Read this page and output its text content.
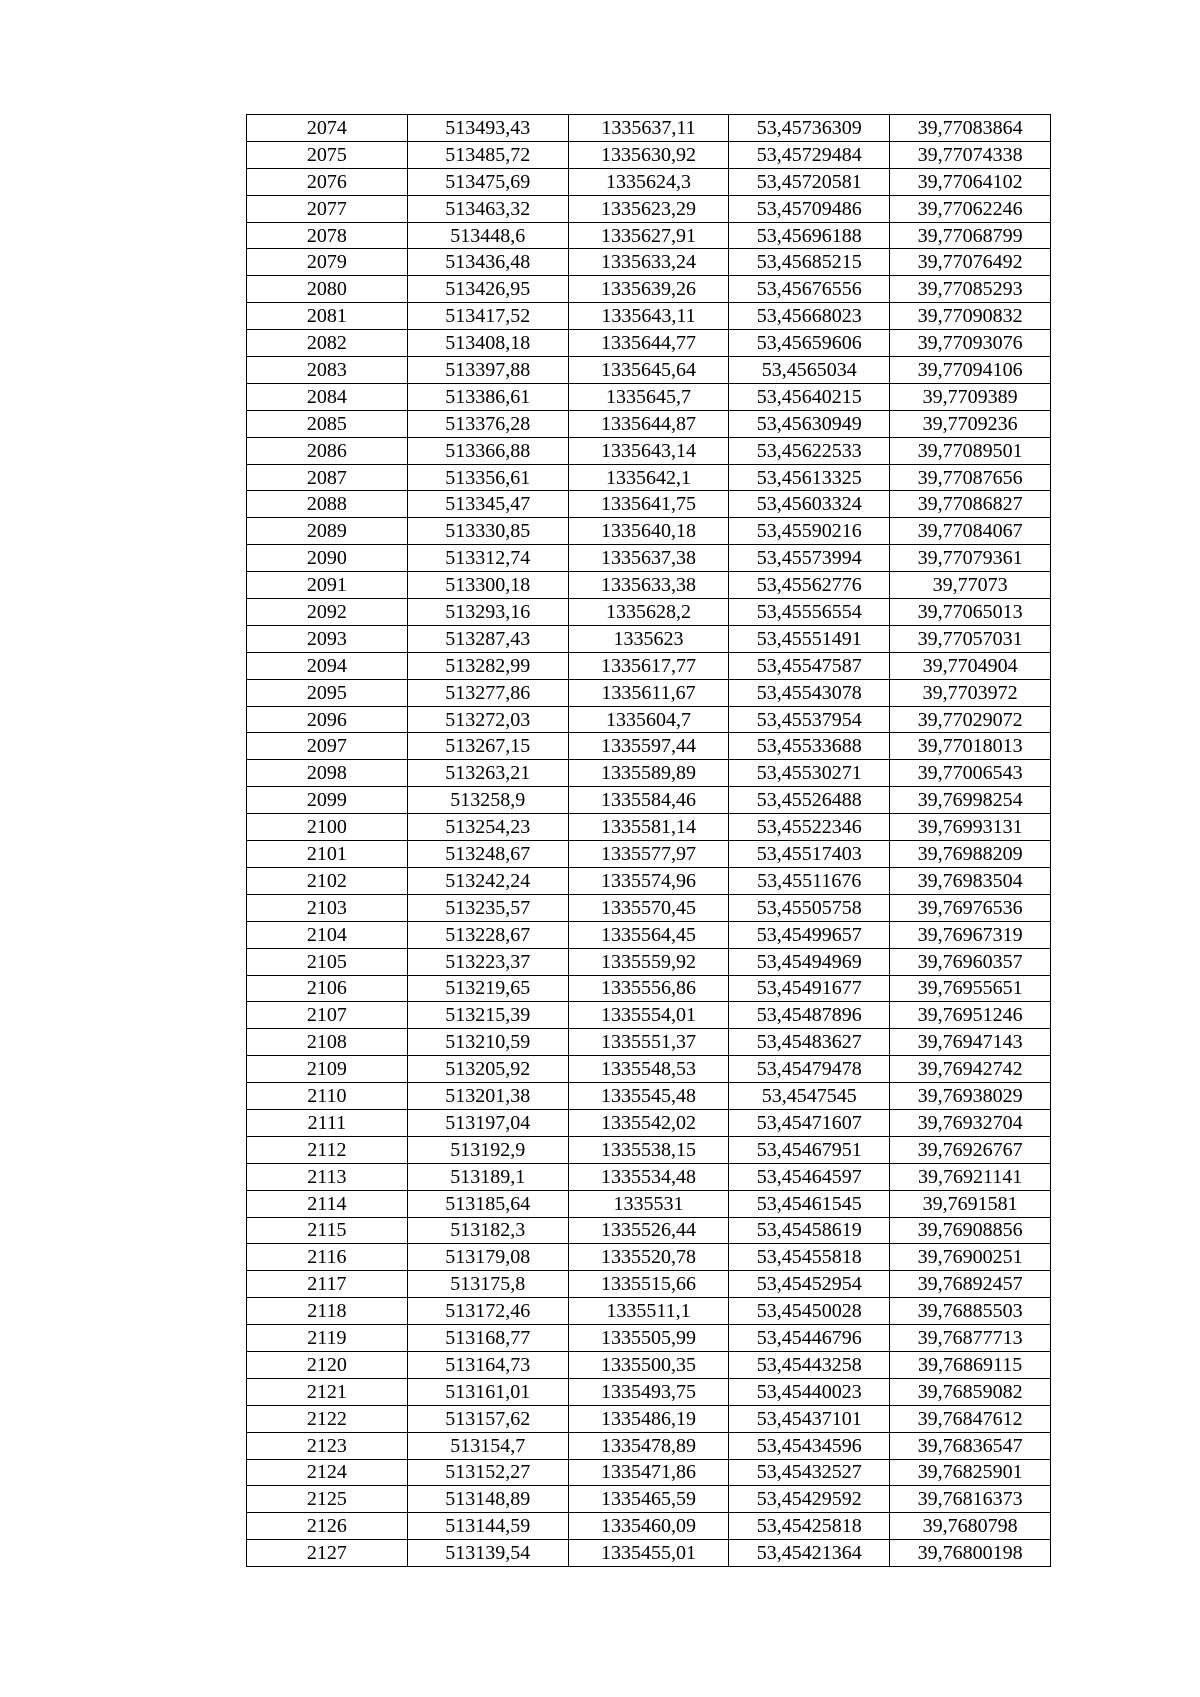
2074	513493,43	1335637,11	53,45736309	39,77083864
2075	513485,72	1335630,92	53,45729484	39,77074338
2076	513475,69	1335624,3	53,45720581	39,77064102
2077	513463,32	1335623,29	53,45709486	39,77062246
2078	513448,6	1335627,91	53,45696188	39,77068799
2079	513436,48	1335633,24	53,45685215	39,77076492
2080	513426,95	1335639,26	53,45676556	39,77085293
2081	513417,52	1335643,11	53,45668023	39,77090832
2082	513408,18	1335644,77	53,45659606	39,77093076
2083	513397,88	1335645,64	53,4565034	39,77094106
2084	513386,61	1335645,7	53,45640215	39,7709389
2085	513376,28	1335644,87	53,45630949	39,7709236
2086	513366,88	1335643,14	53,45622533	39,77089501
2087	513356,61	1335642,1	53,45613325	39,77087656
2088	513345,47	1335641,75	53,45603324	39,77086827
2089	513330,85	1335640,18	53,45590216	39,77084067
2090	513312,74	1335637,38	53,45573994	39,77079361
2091	513300,18	1335633,38	53,45562776	39,77073
2092	513293,16	1335628,2	53,45556554	39,77065013
2093	513287,43	1335623	53,45551491	39,77057031
2094	513282,99	1335617,77	53,45547587	39,7704904
2095	513277,86	1335611,67	53,45543078	39,7703972
2096	513272,03	1335604,7	53,45537954	39,77029072
2097	513267,15	1335597,44	53,45533688	39,77018013
2098	513263,21	1335589,89	53,45530271	39,77006543
2099	513258,9	1335584,46	53,45526488	39,76998254
2100	513254,23	1335581,14	53,45522346	39,76993131
2101	513248,67	1335577,97	53,45517403	39,76988209
2102	513242,24	1335574,96	53,45511676	39,76983504
2103	513235,57	1335570,45	53,45505758	39,76976536
2104	513228,67	1335564,45	53,45499657	39,76967319
2105	513223,37	1335559,92	53,45494969	39,76960357
2106	513219,65	1335556,86	53,45491677	39,76955651
2107	513215,39	1335554,01	53,45487896	39,76951246
2108	513210,59	1335551,37	53,45483627	39,76947143
2109	513205,92	1335548,53	53,45479478	39,76942742
2110	513201,38	1335545,48	53,4547545	39,76938029
2111	513197,04	1335542,02	53,45471607	39,76932704
2112	513192,9	1335538,15	53,45467951	39,76926767
2113	513189,1	1335534,48	53,45464597	39,76921141
2114	513185,64	1335531	53,45461545	39,7691581
2115	513182,3	1335526,44	53,45458619	39,76908856
2116	513179,08	1335520,78	53,45455818	39,76900251
2117	513175,8	1335515,66	53,45452954	39,76892457
2118	513172,46	1335511,1	53,45450028	39,76885503
2119	513168,77	1335505,99	53,45446796	39,76877713
2120	513164,73	1335500,35	53,45443258	39,76869115
2121	513161,01	1335493,75	53,45440023	39,76859082
2122	513157,62	1335486,19	53,45437101	39,76847612
2123	513154,7	1335478,89	53,45434596	39,76836547
2124	513152,27	1335471,86	53,45432527	39,76825901
2125	513148,89	1335465,59	53,45429592	39,76816373
2126	513144,59	1335460,09	53,45425818	39,7680798
2127	513139,54	1335455,01	53,45421364	39,76800198
